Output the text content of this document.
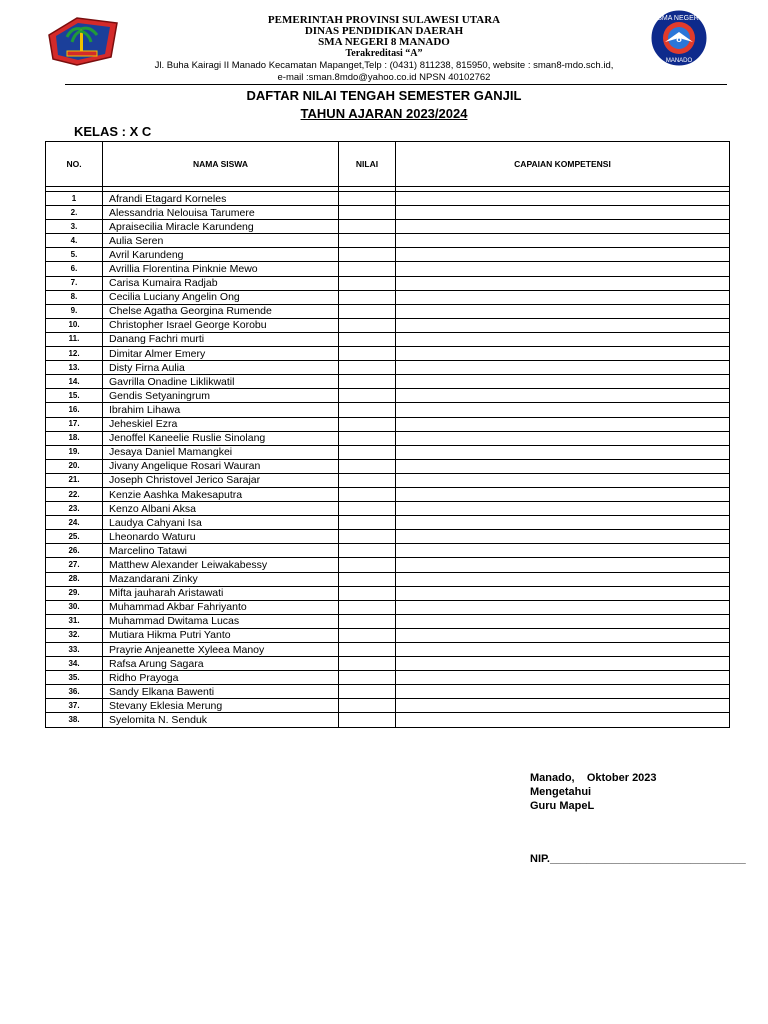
8
SMA NEGERI
MANADO
PEMERINTAH PROVINSI SULAWESI UTARA
DINAS PENDIDIKAN DAERAH
SMA NEGERI 8 MANADO
Terakreditasi “A”
Jl. Buha Kairagi II Manado Kecamatan Mapanget,Telp : (0431) 811238, 815950, website : sman8-mdo.sch.id,
e-mail :sman.8mdo@yahoo.co.id NPSN 40102762
DAFTAR NILAI TENGAH SEMESTER GANJIL
TAHUN AJARAN 2023/2024
KELAS : X C
NO.	NAMA SISWA	NILAI	CAPAIAN KOMPETENSI

1	Afrandi Etagard Korneles		
2.	Alessandria Nelouisa Tarumere		
3.	Apraisecilia Miracle Karundeng		
4.	Aulia Seren		
5.	Avril Karundeng		
6.	Avrillia Florentina Pinknie Mewo		
7.	Carisa Kumaira Radjab		
8.	Cecilia Luciany Angelin Ong		
9.	Chelse Agatha Georgina Rumende		
10.	Christopher Israel George Korobu		
11.	Danang Fachri murti		
12.	Dimitar Almer Emery		
13.	Disty Firna Aulia		
14.	Gavrilla Onadine Liklikwatil		
15.	Gendis Setyaningrum		
16.	Ibrahim Lihawa		
17.	Jeheskiel Ezra		
18.	Jenoffel Kaneelie Ruslie Sinolang		
19.	Jesaya Daniel Mamangkei		
20.	Jivany Angelique Rosari Wauran		
21.	Joseph Christovel Jerico Sarajar		
22.	Kenzie Aashka Makesaputra		
23.	Kenzo Albani Aksa		
24.	Laudya Cahyani Isa		
25.	Lheonardo Waturu		
26.	Marcelino Tatawi		
27.	Matthew Alexander Leiwakabessy		
28.	Mazandarani Zinky		
29.	Mifta jauharah Aristawati		
30.	Muhammad Akbar Fahriyanto		
31.	Muhammad Dwitama Lucas		
32.	Mutiara Hikma Putri Yanto		
33.	Prayrie Anjeanette Xyleea Manoy		
34.	Rafsa Arung Sagara		
35.	Ridho Prayoga		
36.	Sandy Elkana Bawenti		
37.	Stevany Eklesia Merung		
38.	Syelomita N. Senduk		
Manado,    Oktober 2023
Mengetahui
Guru MapeL
NIP.________________________________
